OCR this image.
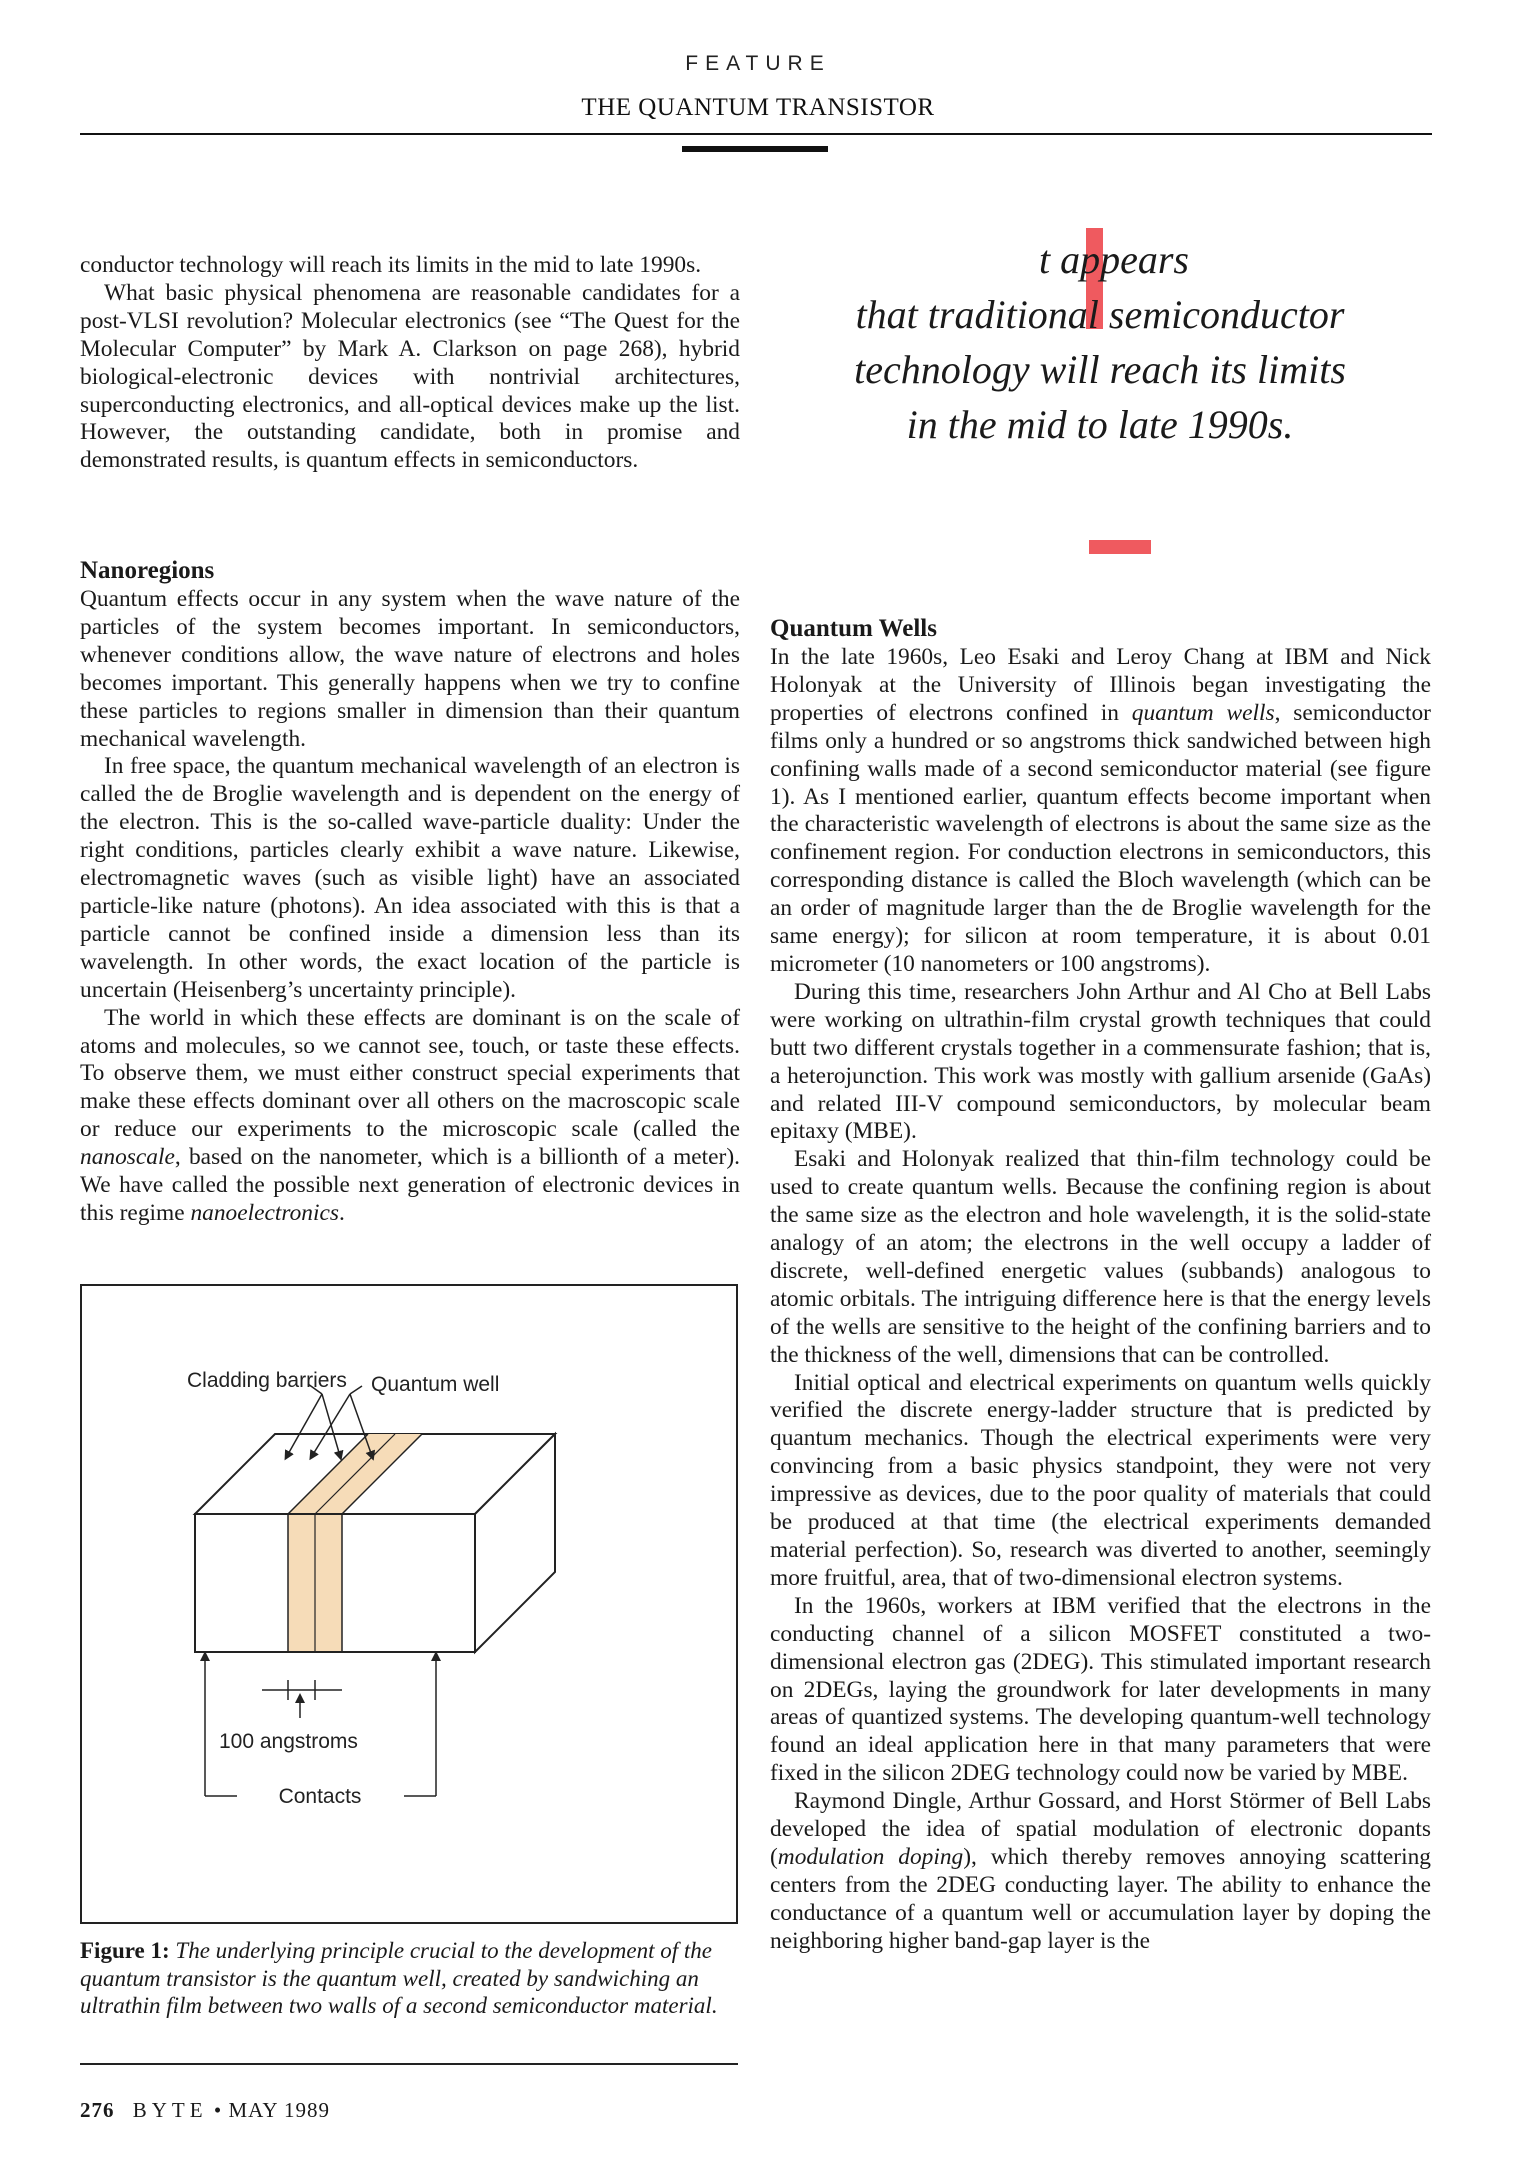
FEATURE
THE QUANTUM TRANSISTOR

conductor technology will reach its limits in the mid to late 1990s.

What basic physical phenomena are reasonable candidates for a post-VLSI revolution? Molecular electronics (see “The Quest for the Molecular Computer” by Mark A. Clarkson on page 268), hybrid biological-electronic devices with nontrivial architectures, superconducting electronics, and all-optical devices make up the list. However, the outstanding candidate, both in promise and demonstrated results, is quantum effects in semiconductors.

Nanoregions

Quantum effects occur in any system when the wave nature of the particles of the system becomes important. In semiconductors, whenever conditions allow, the wave nature of electrons and holes becomes important. This generally happens when we try to confine these particles to regions smaller in dimension than their quantum mechanical wavelength.

In free space, the quantum mechanical wavelength of an electron is called the de Broglie wavelength and is dependent on the energy of the electron. This is the so-called wave-particle duality: Under the right conditions, particles clearly exhibit a wave nature. Likewise, electromagnetic waves (such as visible light) have an associated particle-like nature (photons). An idea associated with this is that a particle cannot be confined inside a dimension less than its wavelength. In other words, the exact location of the particle is uncertain (Heisenberg’s uncertainty principle).

The world in which these effects are dominant is on the scale of atoms and molecules, so we cannot see, touch, or taste these effects. To observe them, we must either construct special experiments that make these effects dominant over all others on the macroscopic scale or reduce our experiments to the microscopic scale (called the nanoscale, based on the nanometer, which is a billionth of a meter). We have called the possible next generation of electronic devices in this regime nanoelectronics.

t appears

that traditional semiconductor

technology will reach its limits

in the mid to late 1990s.

Cladding barriers Quantum well
100 angstroms
Contacts

Figure 1: The underlying principle crucial to the development of the quantum transistor is the quantum well, created by sandwiching an ultrathin film between two walls of a second semiconductor material.

Quantum Wells

In the late 1960s, Leo Esaki and Leroy Chang at IBM and Nick Holonyak at the University of Illinois began investigating the properties of electrons confined in quantum wells, semiconductor films only a hundred or so angstroms thick sandwiched between high confining walls made of a second semiconductor material (see figure 1). As I mentioned earlier, quantum effects become important when the characteristic wavelength of electrons is about the same size as the confinement region. For conduction electrons in semiconductors, this corresponding distance is called the Bloch wavelength (which can be an order of magnitude larger than the de Broglie wavelength for the same energy); for silicon at room temperature, it is about 0.01 micrometer (10 nanometers or 100 angstroms).

During this time, researchers John Arthur and Al Cho at Bell Labs were working on ultrathin-film crystal growth techniques that could butt two different crystals together in a commensurate fashion; that is, a heterojunction. This work was mostly with gallium arsenide (GaAs) and related III-V compound semiconductors, by molecular beam epitaxy (MBE).

Esaki and Holonyak realized that thin-film technology could be used to create quantum wells. Because the confining region is about the same size as the electron and hole wavelength, it is the solid-state analogy of an atom; the electrons in the well occupy a ladder of discrete, well-defined energetic values (subbands) analogous to atomic orbitals. The intriguing difference here is that the energy levels of the wells are sensitive to the height of the confining barriers and to the thickness of the well, dimensions that can be controlled.

Initial optical and electrical experiments on quantum wells quickly verified the discrete energy-ladder structure that is predicted by quantum mechanics. Though the electrical experiments were very convincing from a basic physics standpoint, they were not very impressive as devices, due to the poor quality of materials that could be produced at that time (the electrical experiments demanded material perfection). So, research was diverted to another, seemingly more fruitful, area, that of two-dimensional electron systems.

In the 1960s, workers at IBM verified that the electrons in the conducting channel of a silicon MOSFET constituted a two-dimensional electron gas (2DEG). This stimulated important research on 2DEGs, laying the groundwork for later developments in many areas of quantized systems. The developing quantum-well technology found an ideal application here in that many parameters that were fixed in the silicon 2DEG technology could now be varied by MBE.

Raymond Dingle, Arthur Gossard, and Horst Störmer of Bell Labs developed the idea of spatial modulation of electronic dopants (modulation doping), which thereby removes annoying scattering centers from the 2DEG conducting layer. The ability to enhance the conductance of a quantum well or accumulation layer by doping the neighboring higher band-gap layer is the

276 BYTE • MAY 1989
